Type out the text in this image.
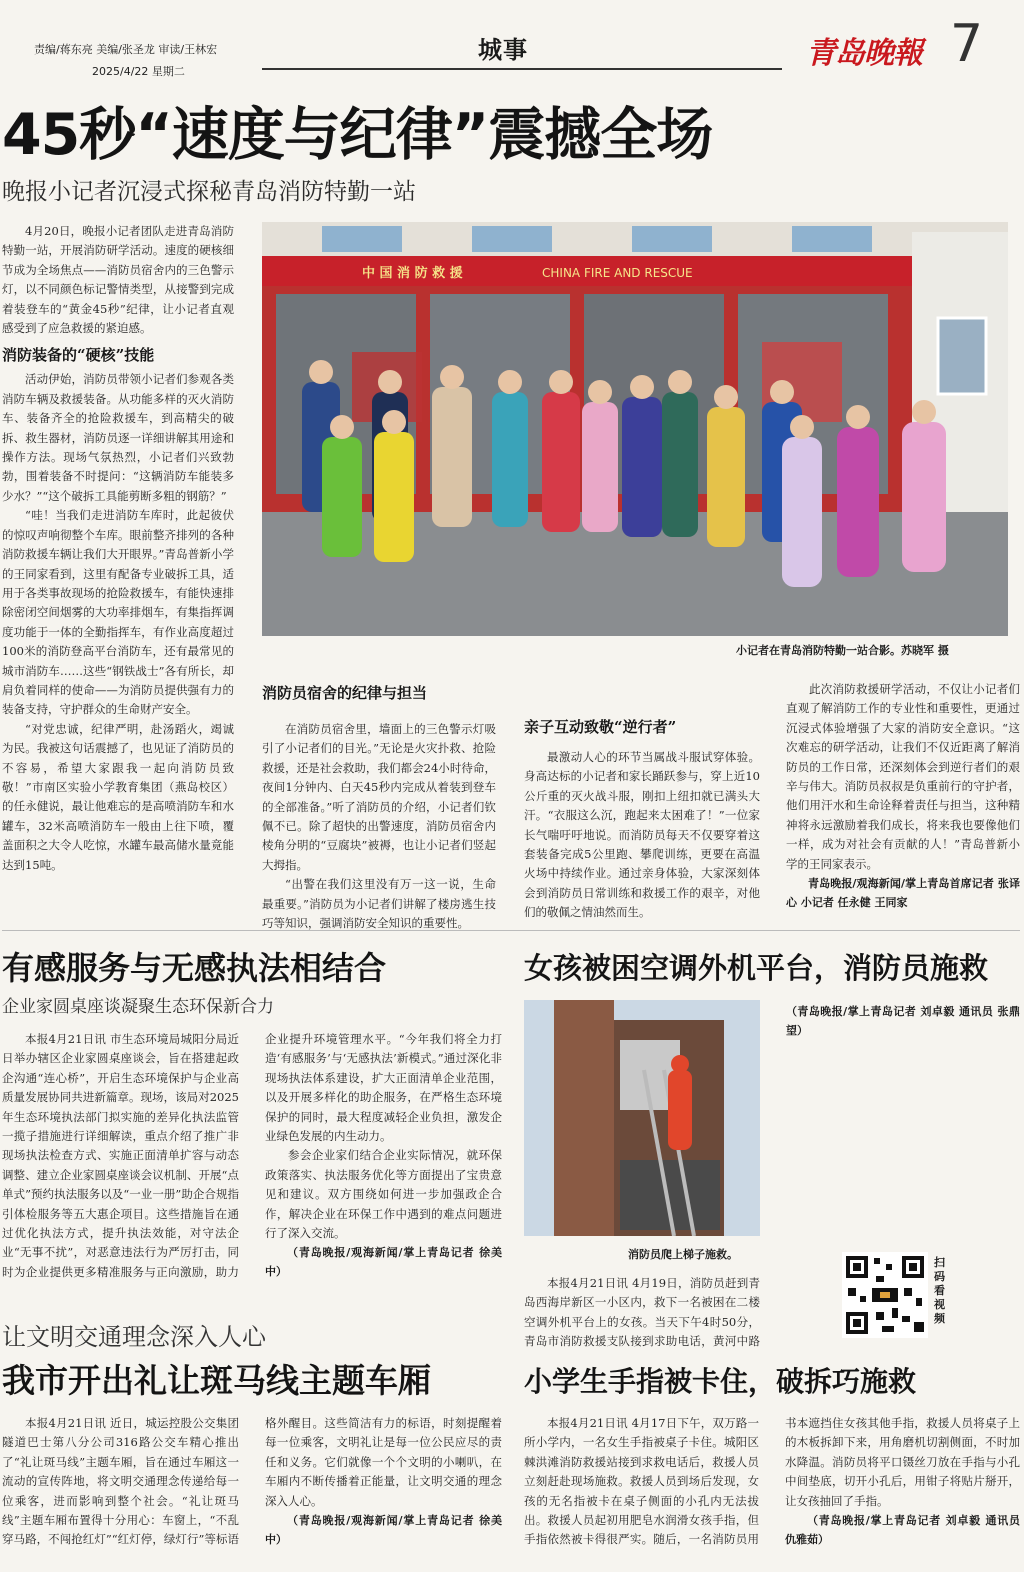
责编/蒋东亮 美编/张圣龙 审读/王林宏
2025/4/22 星期二
城事	青岛晚報 7
45秒“速度与纪律”震撼全场
晚报小记者沉浸式探秘青岛消防特勤一站

4月20日，晚报小记者团队走进青岛消防特勤一站，开展消防研学活动。速度的硬核细节成为全场焦点——消防员宿舍内的三色警示灯，以不同颜色标记警情类型，从接警到完成着装登车的“黄金45秒”纪律，让小记者直观感受到了应急救援的紧迫感。

消防装备的“硬核”技能

活动伊始，消防员带领小记者们参观各类消防车辆及救援装备。从功能多样的灭火消防车、装备齐全的抢险救援车，到高精尖的破拆、救生器材，消防员逐一详细讲解其用途和操作方法。现场气氛热烈，小记者们兴致勃勃，围着装备不时提问：“这辆消防车能装多少水？”“这个破拆工具能剪断多粗的钢筋？”

“哇！当我们走进消防车库时，此起彼伏的惊叹声响彻整个车库。眼前整齐排列的各种消防救援车辆让我们大开眼界。”青岛普新小学的王同家看到，这里有配备专业破拆工具，适用于各类事故现场的抢险救援车，有能快速排除密闭空间烟雾的大功率排烟车，有集指挥调度功能于一体的全勤指挥车，有作业高度超过100米的消防登高平台消防车，还有最常见的城市消防车……这些“钢铁战士”各有所长，却肩负着同样的使命——为消防员提供强有力的装备支持，守护群众的生命财产安全。

“对党忠诚，纪律严明，赴汤蹈火，竭诚为民。我被这句话震撼了，也见证了消防员的不容易，希望大家跟我一起向消防员致敬！”市南区实验小学教育集团（燕岛校区）的任永健说，最让他难忘的是高喷消防车和水罐车，32米高喷消防车一般由上往下喷，覆盖面积之大令人吃惊，水罐车最高储水量竟能达到15吨。

中 国 消 防 救 援	CHINA FIRE AND RESCUE
小记者在青岛消防特勤一站合影。苏晓军 摄

消防员宿舍的纪律与担当

在消防员宿舍里，墙面上的三色警示灯吸引了小记者们的目光。”无论是火灾扑救、抢险救援，还是社会救助，我们都会24小时待命，夜间1分钟内、白天45秒内完成从着装到登车的全部准备。”听了消防员的介绍，小记者们钦佩不已。除了超快的出警速度，消防员宿舍内棱角分明的“豆腐块”被褥，也让小记者们竖起大拇指。

“出警在我们这里没有万一这一说，生命最重要。”消防员为小记者们讲解了楼房逃生技巧等知识，强调消防安全知识的重要性。

亲子互动致敬“逆行者”

最激动人心的环节当属战斗服试穿体验。身高达标的小记者和家长踊跃参与，穿上近10公斤重的灭火战斗服，刚扣上纽扣就已满头大汗。“衣服这么沉，跑起来太困难了！”一位家长气喘吁吁地说。而消防员每天不仅要穿着这套装备完成5公里跑、攀爬训练，更要在高温火场中持续作业。通过亲身体验，大家深刻体会到消防员日常训练和救援工作的艰辛，对他们的敬佩之情油然而生。

此次消防救援研学活动，不仅让小记者们直观了解消防工作的专业性和重要性，更通过沉浸式体验增强了大家的消防安全意识。“这次难忘的研学活动，让我们不仅近距离了解消防员的工作日常，还深刻体会到逆行者们的艰辛与伟大。消防员叔叔是负重前行的守护者，他们用汗水和生命诠释着责任与担当，这种精神将永远激励着我们成长，将来我也要像他们一样，成为对社会有贡献的人！”青岛普新小学的王同家表示。

青岛晚报/观海新闻/掌上青岛首席记者 张译心 小记者 任永健 王同家
有感服务与无感执法相结合
企业家圆桌座谈凝聚生态环保新合力

本报4月21日讯 市生态环境局城阳分局近日举办辖区企业家圆桌座谈会，旨在搭建起政企沟通“连心桥”，开启生态环境保护与企业高质量发展协同共进新篇章。现场，该局对2025年生态环境执法部门拟实施的差异化执法监管一揽子措施进行详细解读，重点介绍了推广非现场执法检查方式、实施正面清单扩容与动态调整、建立企业家圆桌座谈会议机制、开展“点单式”预约执法服务以及“一业一册”助企合规指引体检服务等五大惠企项目。这些措施旨在通过优化执法方式，提升执法效能，对守法企业“无事不扰”，对恶意违法行为严厉打击，同时为企业提供更多精准服务与正向激励，助力企业提升环境管理水平。“今年我们将全力打造‘有感服务’与‘无感执法’新模式。”通过深化非现场执法体系建设，扩大正面清单企业范围，以及开展多样化的助企服务，在严格生态环境保护的同时，最大程度减轻企业负担，激发企业绿色发展的内生动力。

参会企业家们结合企业实际情况，就环保政策落实、执法服务优化等方面提出了宝贵意见和建议。双方围绕如何进一步加强政企合作，解决企业在环保工作中遇到的难点问题进行了深入交流。

（青岛晚报/观海新闻/掌上青岛记者 徐美中）
女孩被困空调外机平台，消防员施救
消防员爬上梯子施救。

本报4月21日讯 4月19日，消防员赶到青岛西海岸新区一小区内，救下一名被困在二楼空调外机平台上的女孩。当天下午4时50分，青岛市消防救援支队接到求助电话，黄河中路

（青岛晚报/掌上青岛记者 刘卓毅 通讯员 张鼎望）
扫码看视频
让文明交通理念深入人心
我市开出礼让斑马线主题车厢

本报4月21日讯 近日，城运控股公交集团隧道巴士第八分公司316路公交车精心推出了“礼让斑马线”主题车厢，旨在通过车厢这一流动的宣传阵地，将文明交通理念传递给每一位乘客，进而影响到整个社会。“礼让斑马线”主题车厢布置得十分用心：车窗上，“不乱穿马路，不闯抢红灯”“红灯停，绿灯行”等标语格外醒目。这些简洁有力的标语，时刻提醒着每一位乘客，文明礼让是每一位公民应尽的责任和义务。它们就像一个个文明的小喇叭，在车厢内不断传播着正能量，让文明交通的理念深入人心。

（青岛晚报/观海新闻/掌上青岛记者 徐美中）
小学生手指被卡住，破拆巧施救

本报4月21日讯 4月17日下午，双万路一所小学内，一名女生手指被桌子卡住。城阳区棘洪滩消防救援站接到求救电话后，救援人员立刻赶赴现场施救。救援人员到场后发现，女孩的无名指被卡在桌子侧面的小孔内无法拔出。救援人员起初用肥皂水润滑女孩手指，但手指依然被卡得很严实。随后，一名消防员用书本遮挡住女孩其他手指，救援人员将桌子上的木板拆卸下来，用角磨机切割侧面，不时加水降温。消防员将平口镊丝刀放在手指与小孔中间垫底，切开小孔后，用钳子将贴片掰开，让女孩抽回了手指。

（青岛晚报/掌上青岛记者 刘卓毅 通讯员 仇雅茹）
